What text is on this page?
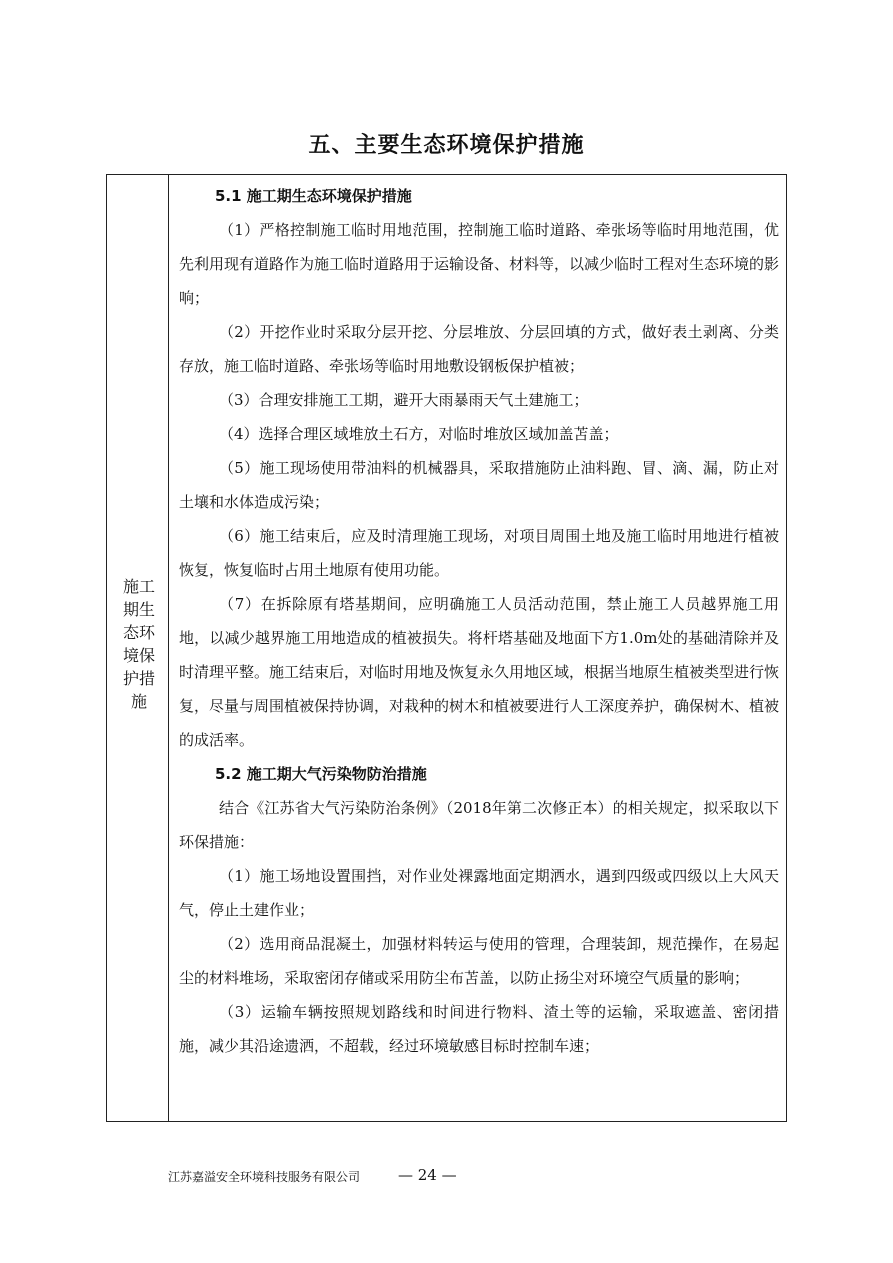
五、主要生态环境保护措施
施工期生态环境保护措施

5.1 施工期生态环境保护措施

（1）严格控制施工临时用地范围，控制施工临时道路、牵张场等临时用地范围，优先利用现有道路作为施工临时道路用于运输设备、材料等，以减少临时工程对生态环境的影响；

（2）开挖作业时采取分层开挖、分层堆放、分层回填的方式，做好表土剥离、分类存放，施工临时道路、牵张场等临时用地敷设钢板保护植被；

（3）合理安排施工工期，避开大雨暴雨天气土建施工；

（4）选择合理区域堆放土石方，对临时堆放区域加盖苫盖；

（5）施工现场使用带油料的机械器具，采取措施防止油料跑、冒、滴、漏，防止对土壤和水体造成污染；

（6）施工结束后，应及时清理施工现场，对项目周围土地及施工临时用地进行植被恢复，恢复临时占用土地原有使用功能。

（7）在拆除原有塔基期间，应明确施工人员活动范围，禁止施工人员越界施工用地，以减少越界施工用地造成的植被损失。将杆塔基础及地面下方1.0m处的基础清除并及时清理平整。施工结束后，对临时用地及恢复永久用地区域，根据当地原生植被类型进行恢复，尽量与周围植被保持协调，对栽种的树木和植被要进行人工深度养护，确保树木、植被的成活率。

5.2 施工期大气污染物防治措施

结合《江苏省大气污染防治条例》（2018年第二次修正本）的相关规定，拟采取以下环保措施：

（1）施工场地设置围挡，对作业处裸露地面定期洒水，遇到四级或四级以上大风天气，停止土建作业；

（2）选用商品混凝土，加强材料转运与使用的管理，合理装卸，规范操作，在易起尘的材料堆场，采取密闭存储或采用防尘布苫盖，以防止扬尘对环境空气质量的影响；

（3）运输车辆按照规划路线和时间进行物料、渣土等的运输，采取遮盖、密闭措施，减少其沿途遗洒，不超载，经过环境敏感目标时控制车速；

江苏嘉溢安全环境科技服务有限公司	— 24 —
